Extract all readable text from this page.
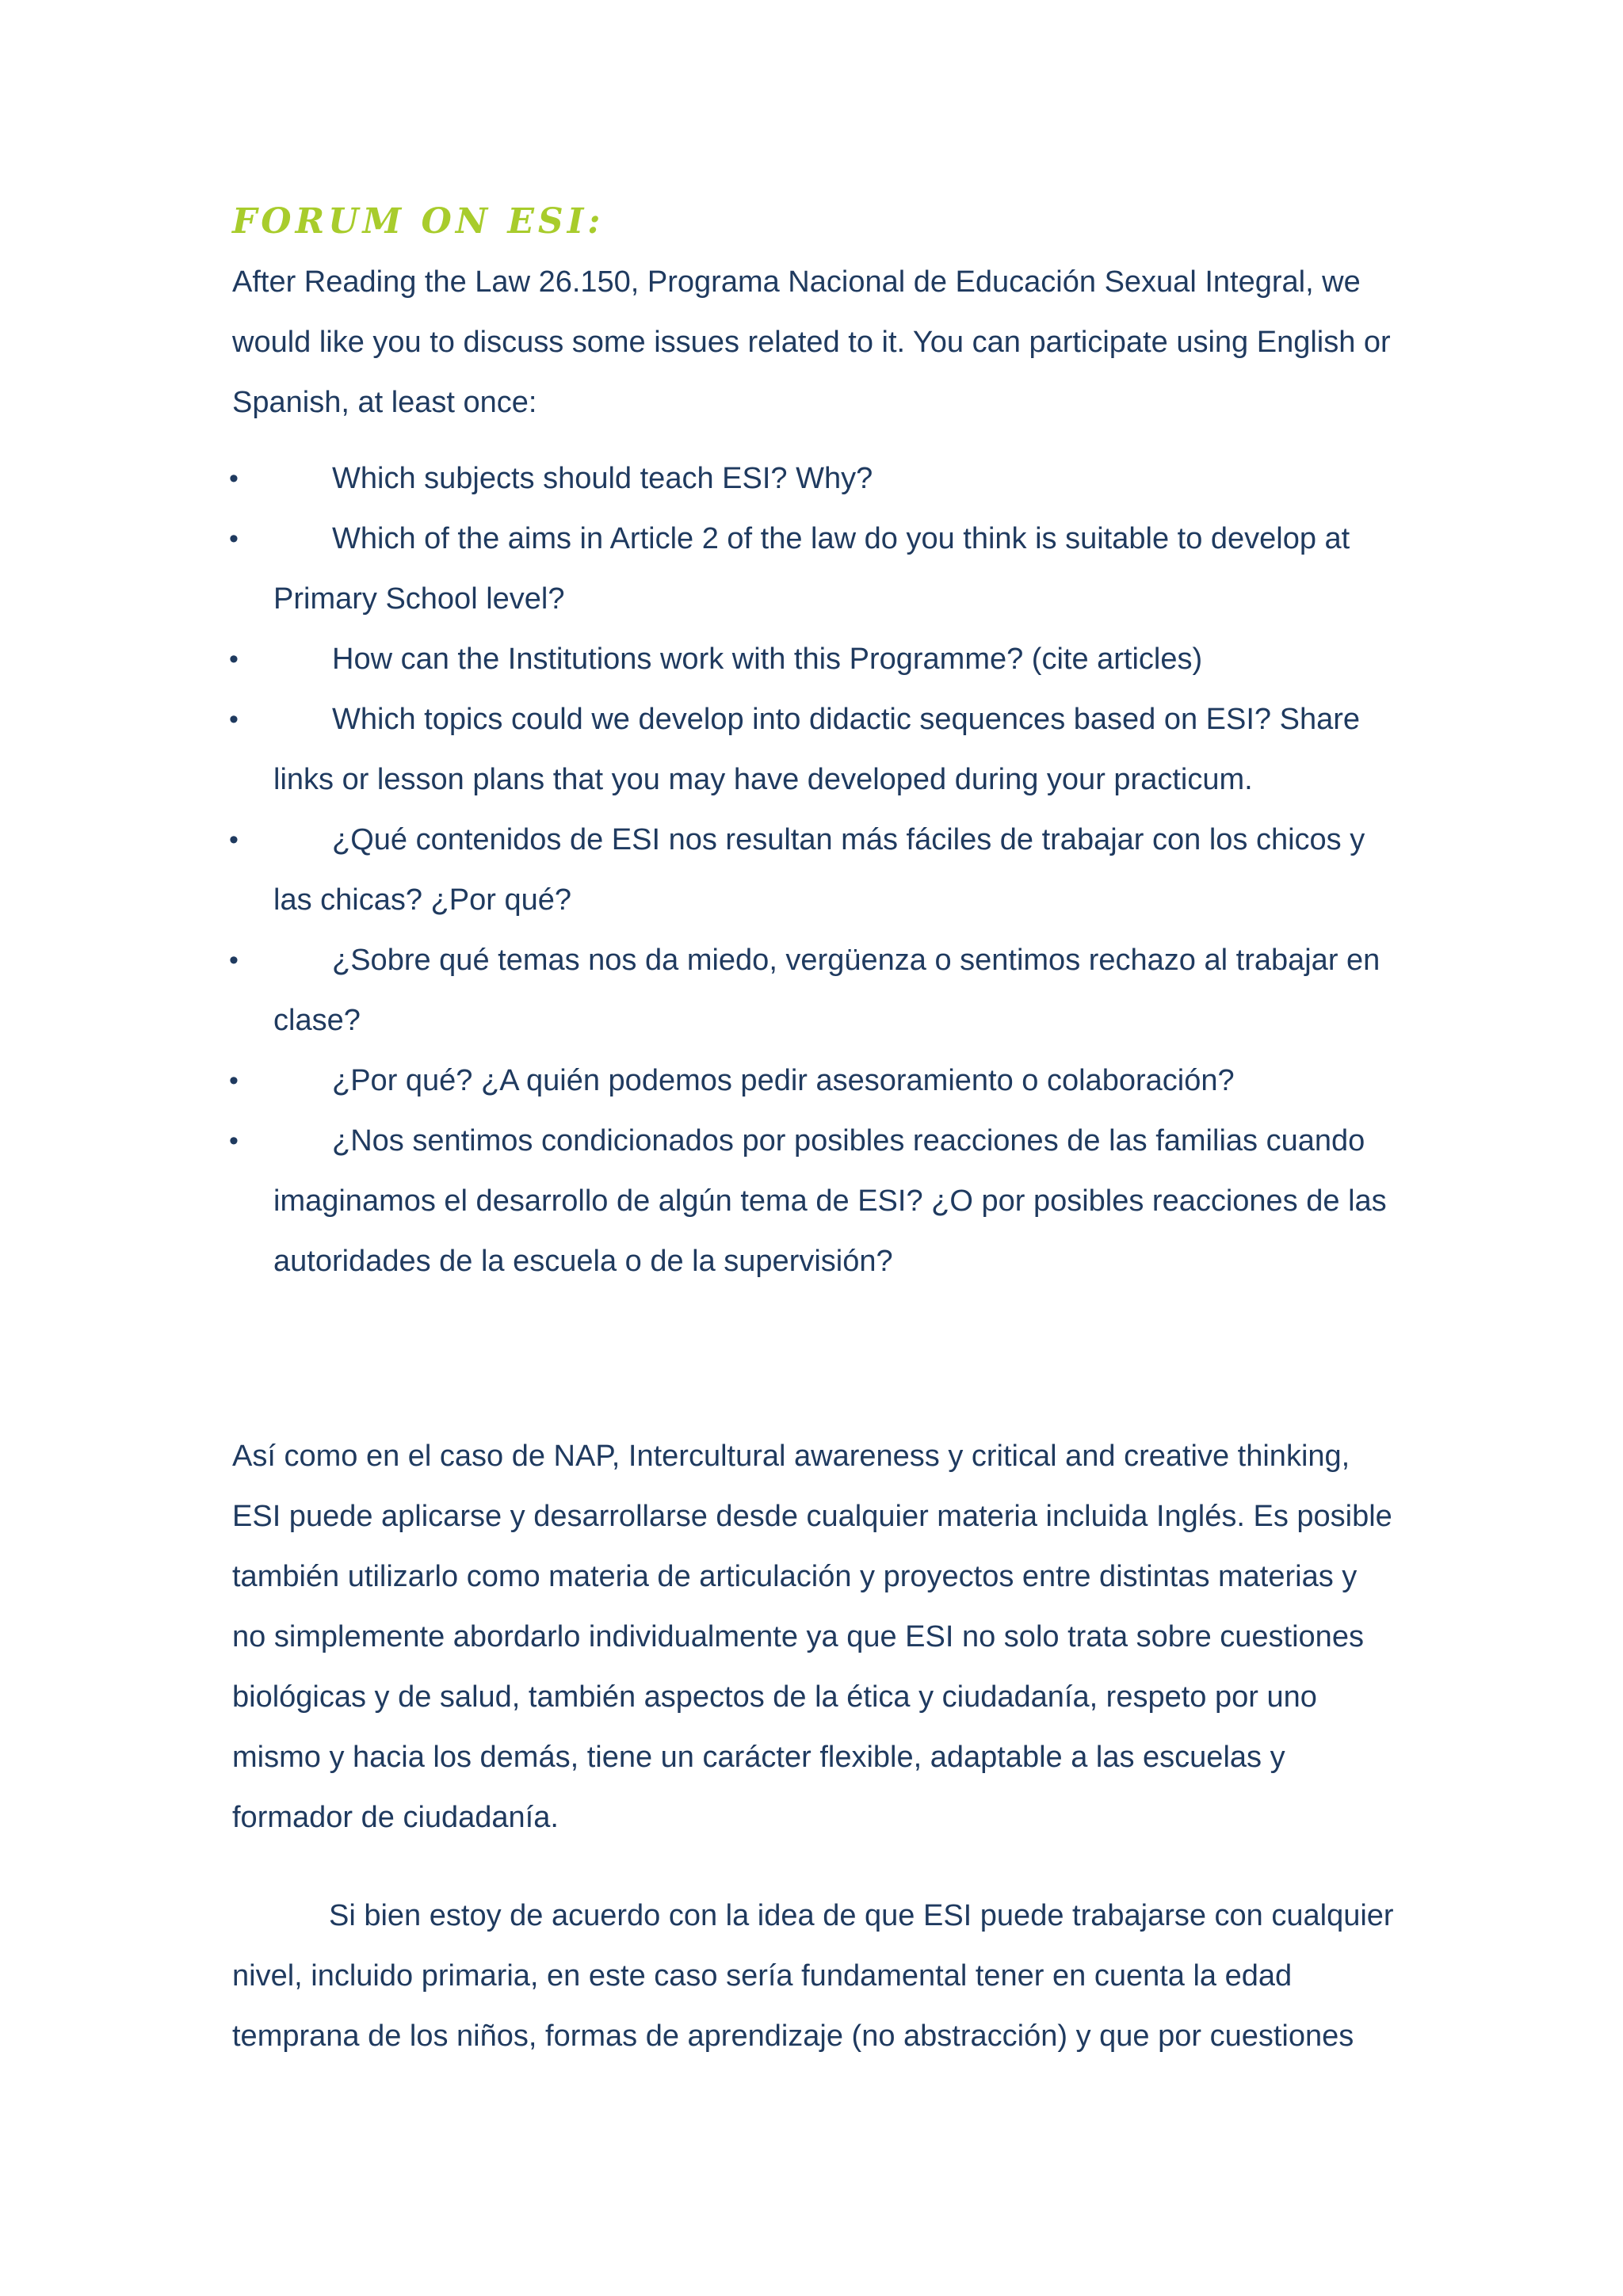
FORUM ON ESI:

After Reading the Law 26.150, Programa Nacional de Educación Sexual Integral, we would like you to discuss some issues related to it. You can participate using English or Spanish, at least once:

•	Which subjects should teach ESI? Why?
•	Which of the aims in Article 2 of the law do you think is suitable to develop at Primary School level?
•	How can the Institutions work with this Programme? (cite articles)
•	Which topics could we develop into didactic sequences based on ESI? Share links or lesson plans that you may have developed during your practicum.
•	¿Qué contenidos de ESI nos resultan más fáciles de trabajar con los chicos y las chicas? ¿Por qué?
•	¿Sobre qué temas nos da miedo, vergüenza o sentimos rechazo al trabajar en clase?
•	¿Por qué? ¿A quién podemos pedir asesoramiento o colaboración?
•	¿Nos sentimos condicionados por posibles reacciones de las familias cuando imaginamos el desarrollo de algún tema de ESI? ¿O por posibles reacciones de las autoridades de la escuela o de la supervisión?

Así como en el caso de NAP, Intercultural awareness y critical and creative thinking, ESI puede aplicarse y desarrollarse desde cualquier materia incluida Inglés. Es posible también utilizarlo como materia de articulación y proyectos entre distintas materias y no simplemente abordarlo individualmente ya que ESI no solo trata sobre cuestiones biológicas y de salud, también aspectos de la ética y ciudadanía, respeto por uno mismo y hacia los demás, tiene un carácter flexible, adaptable a las escuelas y formador de ciudadanía.

Si bien estoy de acuerdo con la idea de que ESI puede trabajarse con cualquier nivel, incluido primaria, en este caso sería fundamental tener en cuenta la edad temprana de los niños, formas de aprendizaje (no abstracción) y que por cuestiones
